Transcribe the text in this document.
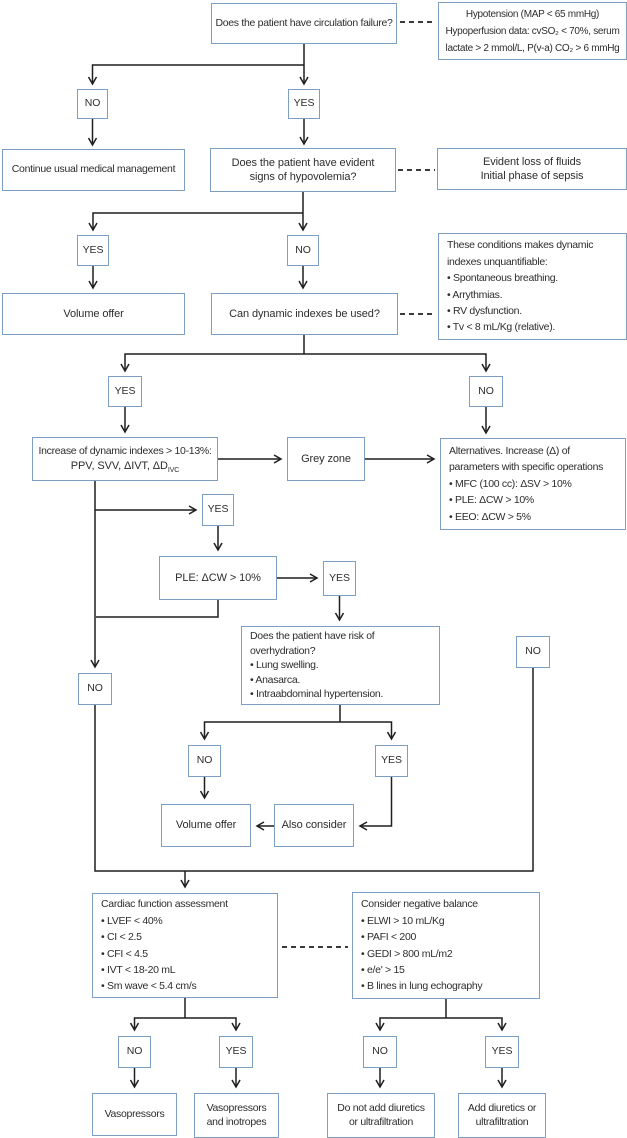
Does the patient have circulation failure?
Hypotension (MAP < 65 mmHg)
Hypoperfusion data: cvSO₂ < 70%, serum
lactate > 2 mmol/L, P(v-a) CO₂ > 6 mmHg
NO	YES
Continue usual medical management
Does the patient have evident
signs of hypovolemia?
Evident loss of fluids
Initial phase of sepsis
YES	NO
Volume offer	Can dynamic indexes be used?
These conditions makes dynamic
indexes unquantifiable:
• Spontaneous breathing.
• Arrythmias.
• RV dysfunction.
• Tv < 8 mL/Kg (relative).
YES	NO
Increase of dynamic indexes > 10-13%:
PPV, SVV, ΔIVT, $\Delta D_{IVC}$
Grey zone
Alternatives. Increase (Δ) of
parameters with specific operations
• MFC (100 cc): ΔSV > 10%
• PLE: ΔCW > 10%
• EEO: ΔCW > 5%
YES
PLE: ΔCW > 10%	YES
Does the patient have risk of
overhydration?
• Lung swelling.
• Anasarca.
• Intraabdominal hypertension.
NO
NO
NO	YES
Volume offer	Also consider
Cardiac function assessment
• LVEF < 40%
• CI < 2.5
• CFI < 4.5
• IVT < 18-20 mL
• Sm wave < 5.4 cm/s
Consider negative balance
• ELWI > 10 mL/Kg
• PAFI < 200
• GEDI > 800 mL/m2
• e/e' > 15
• B lines in lung echography
NO	YES	NO	YES
Vasopressors	Vasopressors
and inotropes
Do not add diuretics
or ultrafiltration
Add diuretics or
ultrafiltration
